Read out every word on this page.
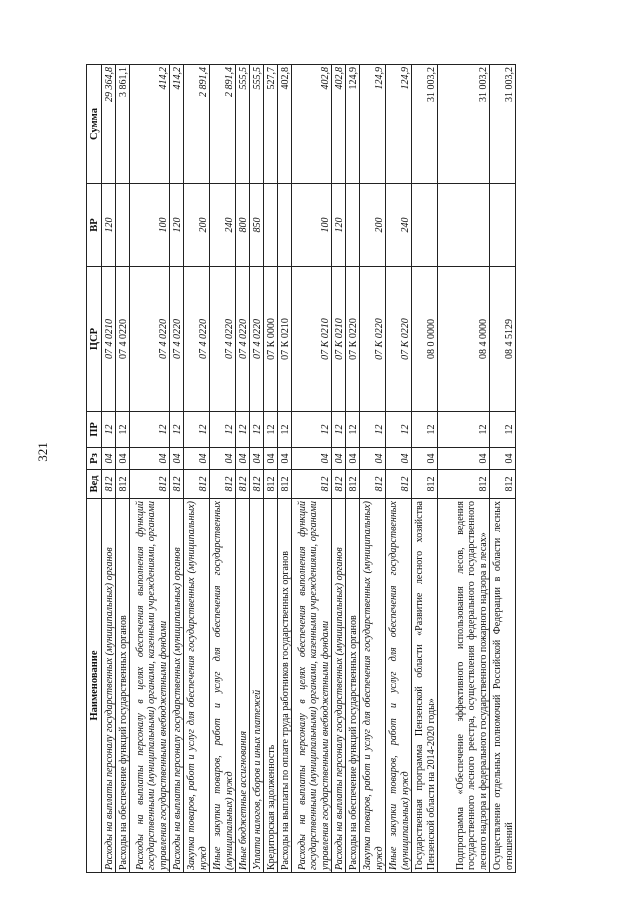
321
Наименование	Вед	Рз	ПР	ЦСР	ВР	Сумма
Расходы на выплаты персоналу государственных (муниципальных) органов	812	04	12	07 4 0210	120	29 364,8
Расходы на обеспечение функций государственных органов	812	04	12	07 4 0220		3 861,1
Расходы на выплаты персоналу в целях обеспечения выполнения функций государственными (муниципальными) органами, казенными учреждениями, органами управления государственными внебюджетными фондами	812	04	12	07 4 0220	100	414,2
Расходы на выплаты персоналу государственных (муниципальных) органов	812	04	12	07 4 0220	120	414,2
Закупка товаров, работ и услуг для обеспечения государственных (муниципальных) нужд	812	04	12	07 4 0220	200	2 891,4
Иные закупки товаров, работ и услуг для обеспечения государственных (муниципальных) нужд	812	04	12	07 4 0220	240	2 891,4
Иные бюджетные ассигнования	812	04	12	07 4 0220	800	555,5
Уплата налогов, сборов и иных платежей	812	04	12	07 4 0220	850	555,5
Кредиторская задолженность	812	04	12	07 К 0000		527,7
Расходы на выплаты по оплате труда работников государственных органов	812	04	12	07 К 0210		402,8
Расходы на выплаты персоналу в целях обеспечения выполнения функций государственными (муниципальными) органами, казенными учреждениями, органами управления государственными внебюджетными фондами	812	04	12	07 К 0210	100	402,8
Расходы на выплаты персоналу государственных (муниципальных) органов	812	04	12	07 К 0210	120	402,8
Расходы на обеспечение функций государственных органов	812	04	12	07 К 0220		124,9
Закупка товаров, работ и услуг для обеспечения государственных (муниципальных) нужд	812	04	12	07 К 0220	200	124,9
Иные закупки товаров, работ и услуг для обеспечения государственных (муниципальных) нужд	812	04	12	07 К 0220	240	124,9
Государственная программа Пензенской области «Развитие лесного хозяйства Пензенской области на 2014-2020 годы»	812	04	12	08 0 0000		31 003,2
Подпрограмма «Обеспечение эффективного использования лесов, ведения государственного лесного реестра, осуществления федерального государственного лесного надзора и федерального государственного пожарного надзора в лесах»	812	04	12	08 4 0000		31 003,2
Осуществление отдельных полномочий Российской Федерации в области лесных отношений	812	04	12	08 4 5129		31 003,2
